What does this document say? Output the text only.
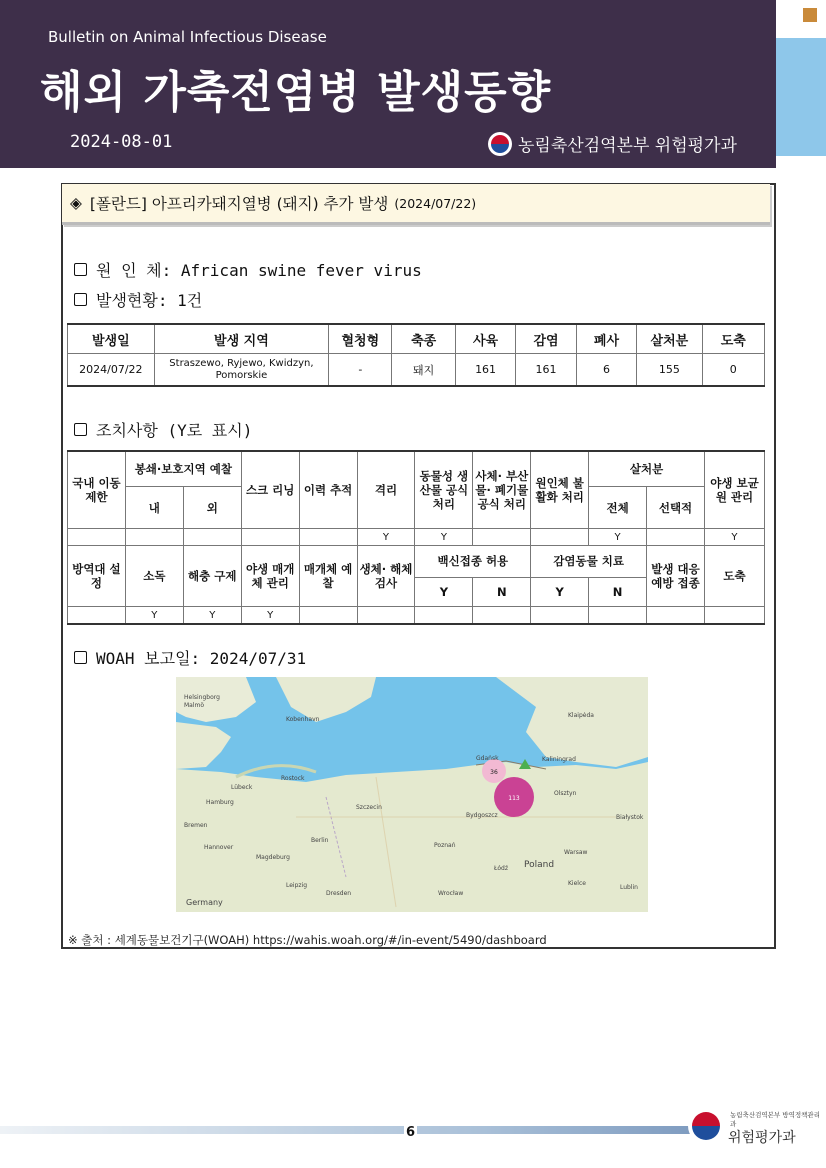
Bulletin on Animal Infectious Disease
해외 가축전염병 발생동향
2024-08-01	농림축산검역본부 위험평가과
◈ [폴란드] 아프리카돼지열병 (돼지) 추가 발생 (2024/07/22)
원 인 체: African swine fever virus
발생현황: 1건
발생일	발생 지역	혈청형	축종	사육	감염	폐사	살처분	도축
2024/07/22	Straszewo, Ryjewo, Kwidzyn, Pomorskie	-	돼지	161	161	6	155	0
조치사항 (Y로 표시)
국내 이동 제한	봉쇄·보호지역 예찰		스크 리닝	이력 추적	격리	동물성 생산물 공식 처리	사체· 부산물· 폐기물 공식 처리	원인체 불활화 처리	살처분		야생 보균원 관리
	내	외							전체	선택적	
					Y	Y			Y		Y
방역대 설정	소독	해충 구제	야생 매개체 관리	매개체 예찰	생체· 해체 검사	백신접종 허용		감염동물 치료		발생 대응 예방 접종	도축
						Y	N	Y	N		
	Y	Y	Y								
WOAH 보고일: 2024/07/31
36
113
Helsingborg
Malmö
Kobenhavn
Rostock
Lübeck
Hamburg
Bremen
Hannover
Berlin
Szczecin
Gdańsk	Kaliningrad
Poznań
Warsaw
Poland
Germany
Wrocław
Dresden
Leipzig
Magdeburg
Łódź
Bydgoszcz
Klaipėda
Lublin
Kielce
Olsztyn
Białystok
※ 출처 : 세계동물보건기구(WOAH) https://wahis.woah.org/#/in-event/5490/dashboard
6
농림축산검역본부 방역정책관리과
위험평가과
